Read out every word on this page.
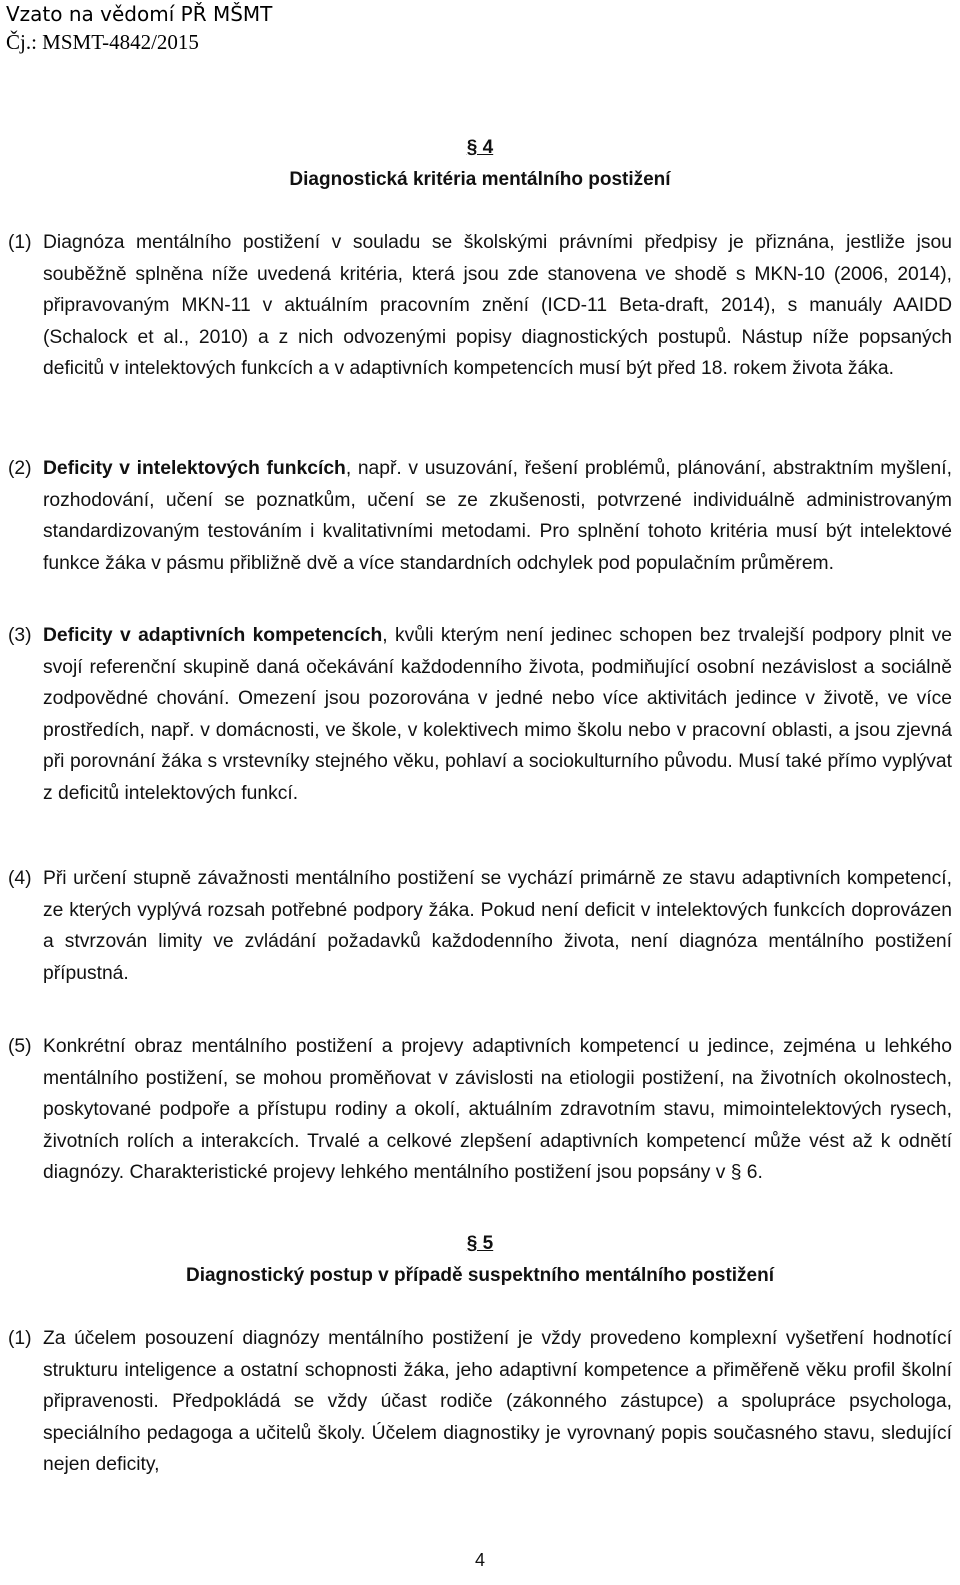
Vzato na vědomí PŘ MŠMT
Čj.: MSMT-4842/2015
§ 4
Diagnostická kritéria mentálního postižení
(1) Diagnóza mentálního postižení v souladu se školskými právními předpisy je přiznána, jestliže jsou souběžně splněna níže uvedená kritéria, která jsou zde stanovena ve shodě s MKN-10 (2006, 2014), připravovaným MKN-11 v aktuálním pracovním znění (ICD-11 Beta-draft, 2014), s manuály AAIDD (Schalock et al., 2010) a z nich odvozenými popisy diagnostických postupů. Nástup níže popsaných deficitů v intelektových funkcích a v adaptivních kompetencích musí být před 18. rokem života žáka.
(2) Deficity v intelektových funkcích, např. v usuzování, řešení problémů, plánování, abstraktním myšlení, rozhodování, učení se poznatkům, učení se ze zkušenosti, potvrzené individuálně administrovaným standardizovaným testováním i kvalitativními metodami. Pro splnění tohoto kritéria musí být intelektové funkce žáka v pásmu přibližně dvě a více standardních odchylek pod populačním průměrem.
(3) Deficity v adaptivních kompetencích, kvůli kterým není jedinec schopen bez trvalejší podpory plnit ve svojí referenční skupině daná očekávání každodenního života, podmiňující osobní nezávislost a sociálně zodpovědné chování. Omezení jsou pozorována v jedné nebo více aktivitách jedince v životě, ve více prostředích, např. v domácnosti, ve škole, v kolektivech mimo školu nebo v pracovní oblasti, a jsou zjevná při porovnání žáka s vrstevníky stejného věku, pohlaví a sociokulturního původu. Musí také přímo vyplývat z deficitů intelektových funkcí.
(4) Při určení stupně závažnosti mentálního postižení se vychází primárně ze stavu adaptivních kompetencí, ze kterých vyplývá rozsah potřebné podpory žáka. Pokud není deficit v intelektových funkcích doprovázen a stvrzován limity ve zvládání požadavků každodenního života, není diagnóza mentálního postižení přípustná.
(5) Konkrétní obraz mentálního postižení a projevy adaptivních kompetencí u jedince, zejména u lehkého mentálního postižení, se mohou proměňovat v závislosti na etiologii postižení, na životních okolnostech, poskytované podpoře a přístupu rodiny a okolí, aktuálním zdravotním stavu, mimointelektových rysech, životních rolích a interakcích. Trvalé a celkové zlepšení adaptivních kompetencí může vést až k odnětí diagnózy. Charakteristické projevy lehkého mentálního postižení jsou popsány v § 6.
§ 5
Diagnostický postup v případě suspektního mentálního postižení
(1) Za účelem posouzení diagnózy mentálního postižení je vždy provedeno komplexní vyšetření hodnotící strukturu inteligence a ostatní schopnosti žáka, jeho adaptivní kompetence a přiměřeně věku profil školní připravenosti. Předpokládá se vždy účast rodiče (zákonného zástupce) a spolupráce psychologa, speciálního pedagoga a učitelů školy. Účelem diagnostiky je vyrovnaný popis současného stavu, sledující nejen deficity,
4
